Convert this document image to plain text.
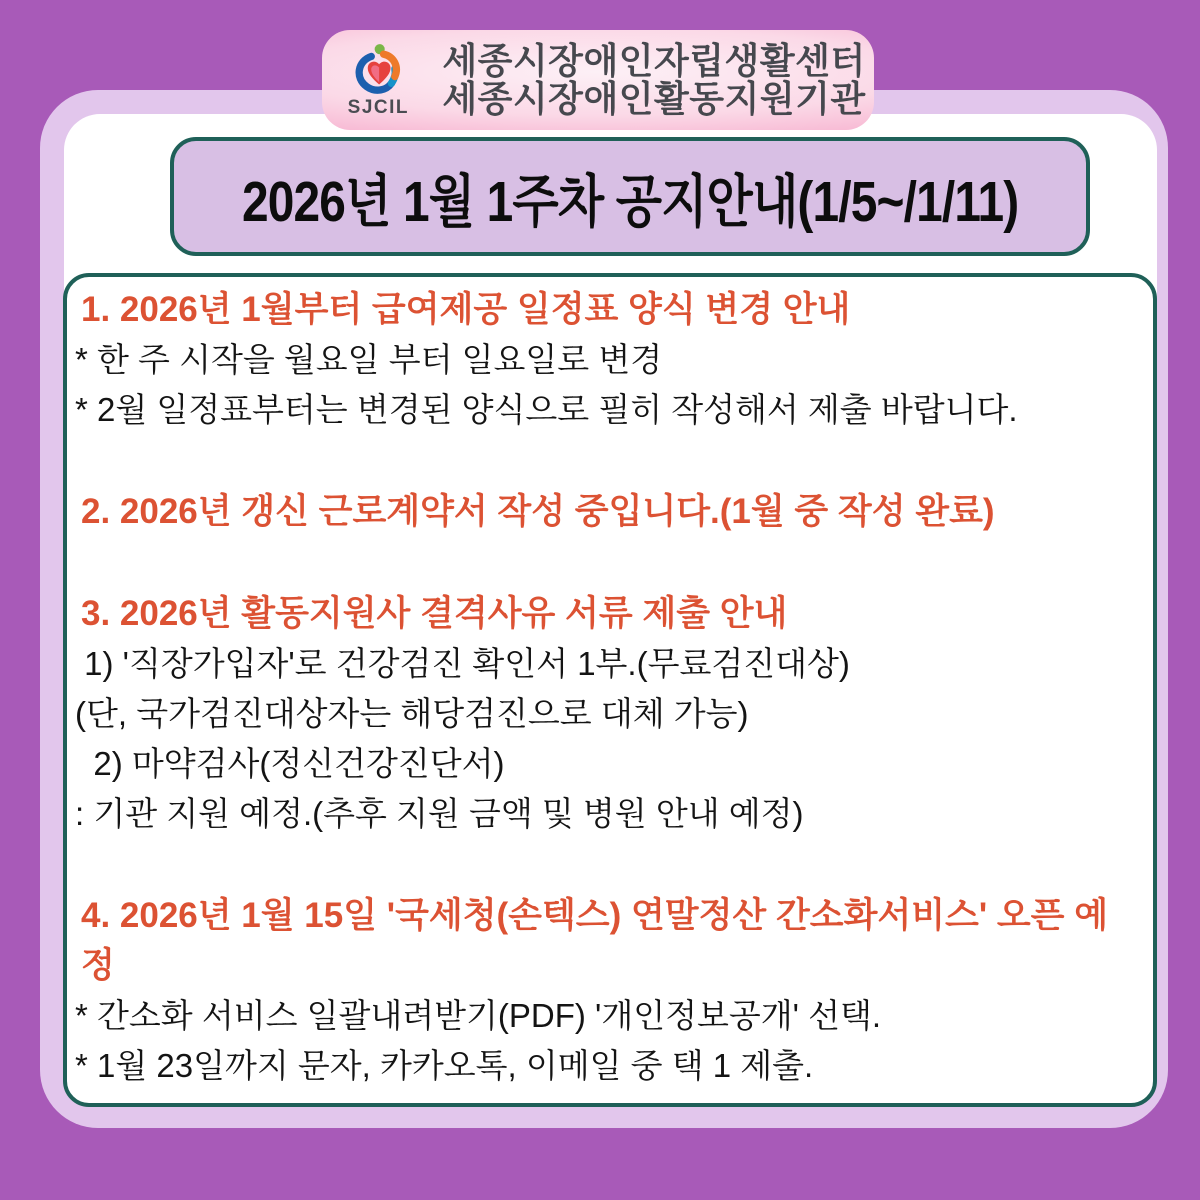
SJCIL
세종시장애인자립생활센터
세종시장애인활동지원기관
2026년 1월 1주차 공지안내(1/5~/1/11)

1. 2026년 1월부터 급여제공 일정표 양식 변경 안내

* 한 주 시작을 월요일 부터 일요일로 변경

* 2월 일정표부터는 변경된 양식으로 필히 작성해서 제출 바랍니다.

2. 2026년 갱신 근로계약서 작성 중입니다.(1월 중 작성 완료)

3. 2026년 활동지원사 결격사유 서류 제출 안내

1) '직장가입자'로 건강검진 확인서 1부.(무료검진대상)

(단, 국가검진대상자는 해당검진으로 대체 가능)

2) 마약검사(정신건강진단서)

: 기관 지원 예정.(추후 지원 금액 및 병원 안내 예정)

4. 2026년 1월 15일 '국세청(손텍스) 연말정산 간소화서비스' 오픈 예정

* 간소화 서비스 일괄내려받기(PDF) '개인정보공개' 선택.

* 1월 23일까지 문자, 카카오톡, 이메일 중 택 1 제출.
